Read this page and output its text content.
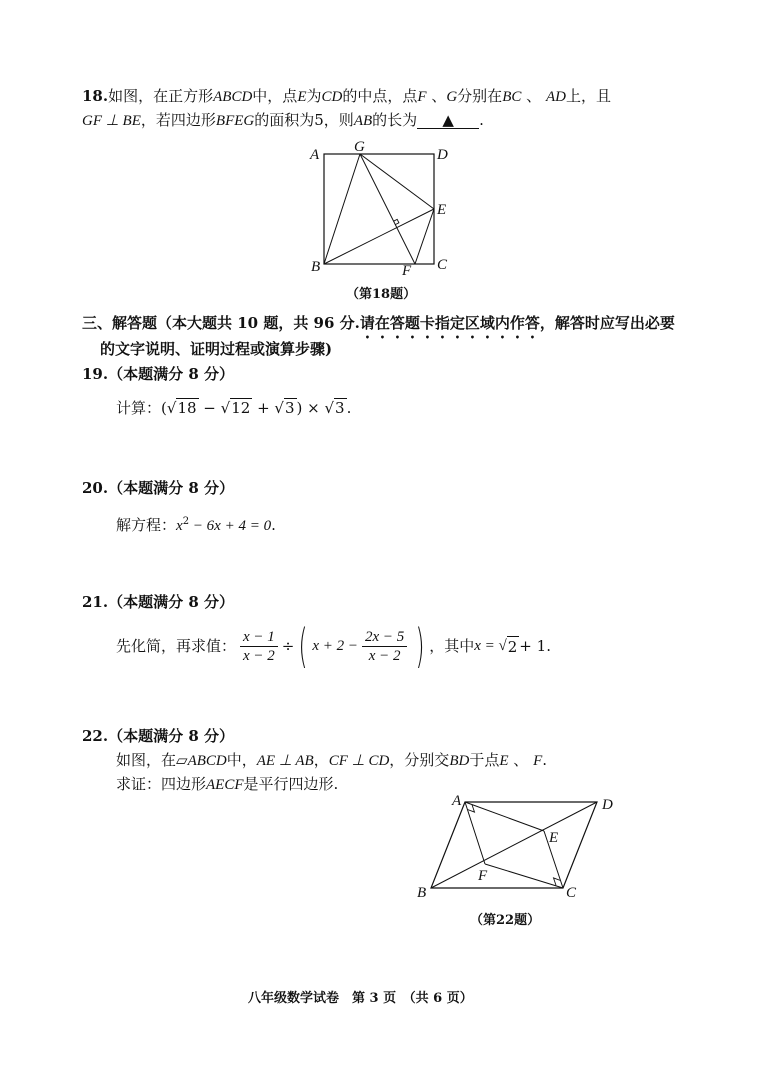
18.如图，在正方形ABCD中，点E为CD的中点，点F 、G分别在BC 、 AD上，且
GF ⊥ BE，若四边形BFEG的面积为5，则AB的长为 ▲ .
A G	D
E
B	F C
（第18题）
三、解答题（本大题共 10 题，共 96 分.请在答题卡指定区域内作答，解答时应写出必要
的文字说明、证明过程或演算步骤)
19.（本题满分 8 分）
计算：(√18 − √12 + √3 ) × √3 .
20.（本题满分 8 分）
解方程：$x^2 - 6x + 4 = 0$.
21.（本题满分 8 分）
先化简，再求值： $\frac{x - 1}{x - 2}$ ÷ ( $x + 2 - \frac{2x - 5}{x - 2}$ ) ，其中 x = √ 2 + 1 .
22.（本题满分 8 分）
如图，在▱ABCD中，AE ⊥ AB，CF ⊥ CD，分别交BD于点E 、 F.
求证：四边形AECF是平行四边形.
A	D
E
F
B	C
（第22题）
八年级数学试卷　第 3 页　（共 6 页）
